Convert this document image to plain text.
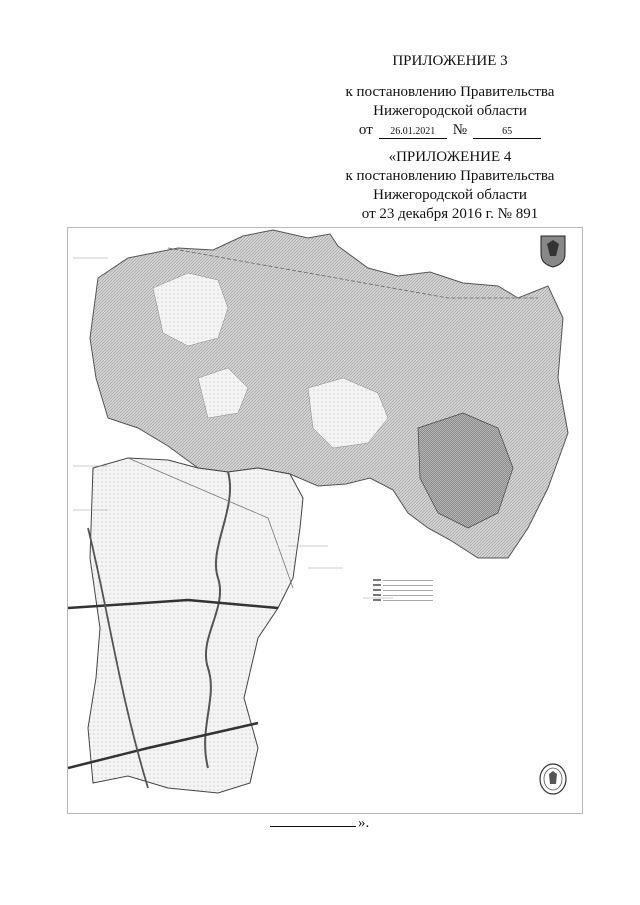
ПРИЛОЖЕНИЕ 3

к постановлению Правительства
Нижегородской области
от	26.01.2021	№	65
«ПРИЛОЖЕНИЕ 4
к постановлению Правительства
Нижегородской области
от 23 декабря 2016 г. № 891
».
